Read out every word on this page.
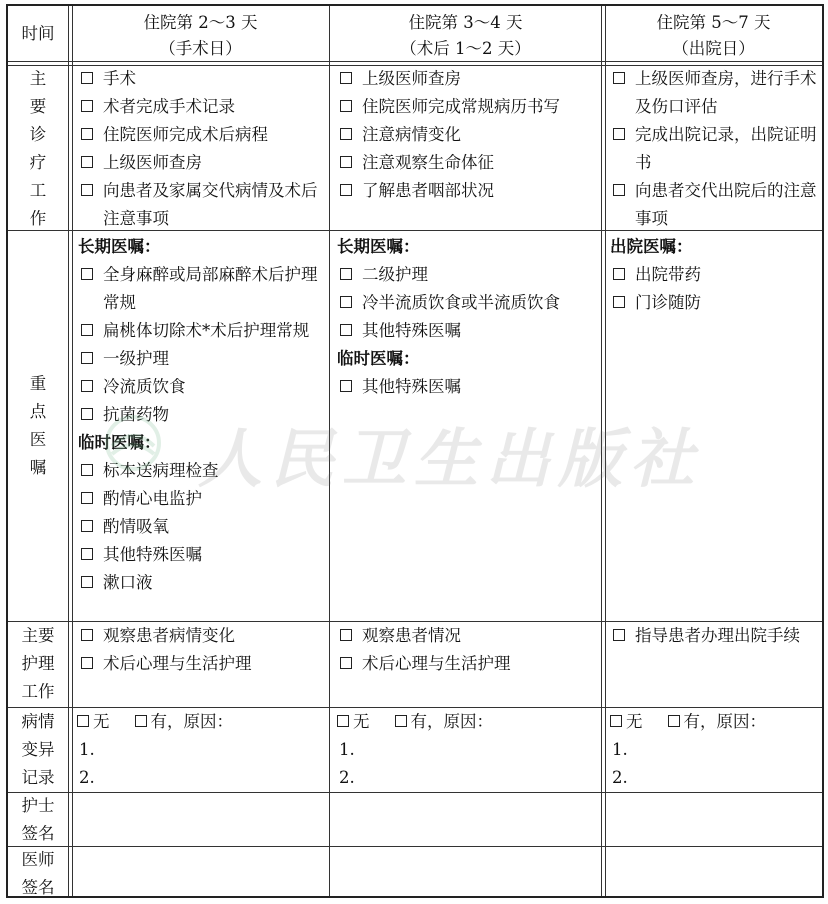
时间
住院第 2～3 天
（手术日）
住院第 3～4 天
（术后 1～2 天）
住院第 5～7 天
（出院日）
主
要
诊
疗
工
作
手术
术者完成手术记录
住院医师完成术后病程
上级医师查房
向患者及家属交代病情及术后注意事项
上级医师查房
住院医师完成常规病历书写
注意病情变化
注意观察生命体征
了解患者咽部状况
上级医师查房，进行手术及伤口评估
完成出院记录，出院证明书
向患者交代出院后的注意事项
重
点
医
嘱
长期医嘱：
全身麻醉或局部麻醉术后护理常规
扁桃体切除术*术后护理常规
一级护理
冷流质饮食
抗菌药物
临时医嘱：
标本送病理检查
酌情心电监护
酌情吸氧
其他特殊医嘱
漱口液
长期医嘱：
二级护理
冷半流质饮食或半流质饮食
其他特殊医嘱
临时医嘱：
其他特殊医嘱
出院医嘱：
出院带药
门诊随防
主要
护理
工作
观察患者病情变化
术后心理与生活护理
观察患者情况
术后心理与生活护理
指导患者办理出院手续
病情
变异
记录
无 有，原因：
1.
2.
无 有，原因：
1.
2.
无 有，原因：
1.
2.
护士
签名
医师
签名
人民卫生出版社
